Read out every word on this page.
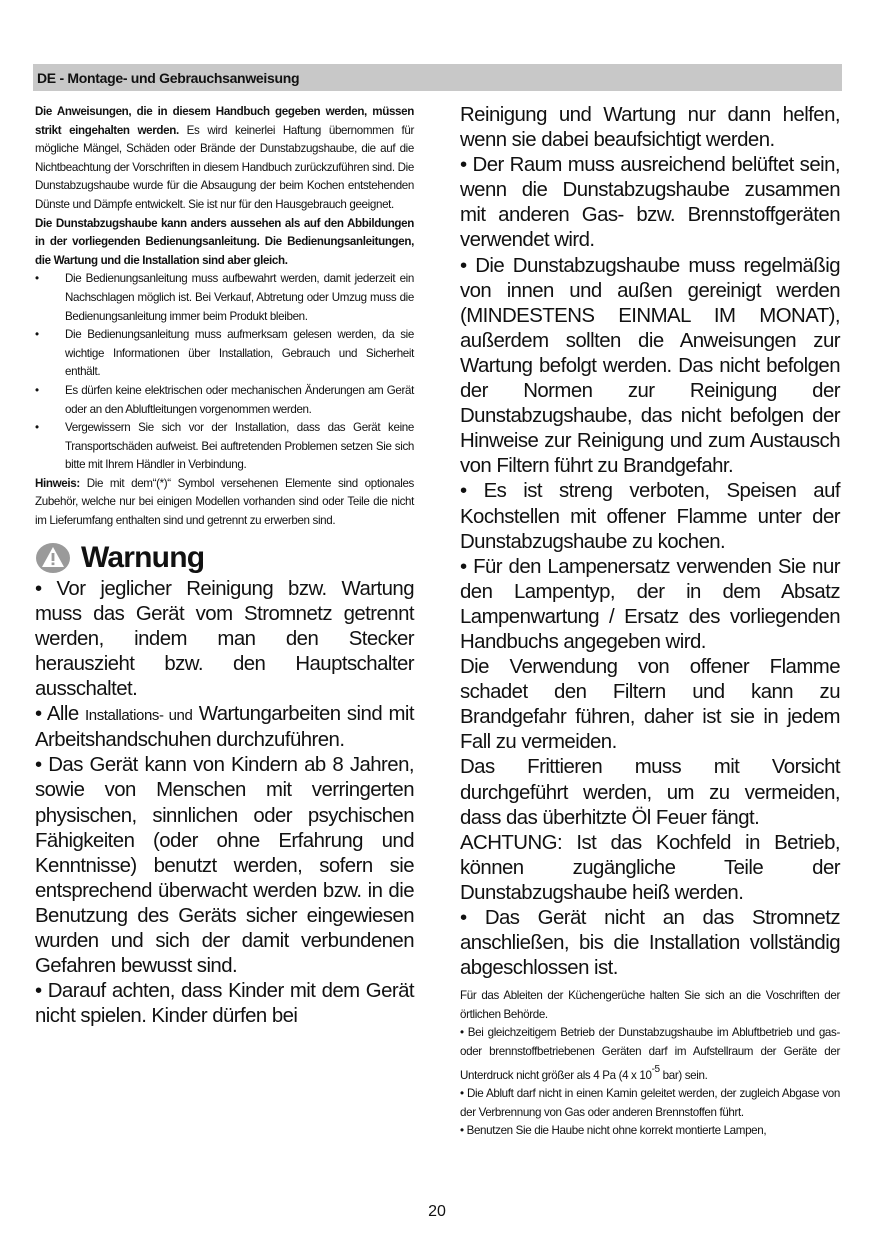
DE - Montage- und Gebrauchsanweisung

Die Anweisungen, die in diesem Handbuch gegeben werden, müssen strikt eingehalten werden. Es wird keinerlei Haftung übernommen für mögliche Mängel, Schäden oder Brände der Dunstabzugshaube, die auf die Nichtbeachtung der Vorschriften in diesem Handbuch zurückzuführen sind. Die Dunstabzugshaube wurde für die Absaugung der beim Kochen entstehenden Dünste und Dämpfe entwickelt. Sie ist nur für den Hausgebrauch geeignet.

Die Dunstabzugshaube kann anders aussehen als auf den Abbildungen in der vorliegenden Bedienungsanleitung. Die Bedienungsanleitungen, die Wartung und die Installation sind aber gleich.

• Die Bedienungsanleitung muss aufbewahrt werden, damit jederzeit ein Nachschlagen möglich ist. Bei Verkauf, Abtretung oder Umzug muss die Bedienungsanleitung immer beim Produkt bleiben.
• Die Bedienungsanleitung muss aufmerksam gelesen werden, da sie wichtige Informationen über Installation, Gebrauch und Sicherheit enthält.
• Es dürfen keine elektrischen oder mechanischen Änderungen am Gerät oder an den Abluftleitungen vorgenommen werden.
• Vergewissern Sie sich vor der Installation, dass das Gerät keine Transportschäden aufweist. Bei auftretenden Problemen setzen Sie sich bitte mit Ihrem Händler in Verbindung.

Hinweis: Die mit dem“(*)“ Symbol versehenen Elemente sind optionales Zubehör, welche nur bei einigen Modellen vorhanden sind oder Teile die nicht im Lieferumfang enthalten sind und getrennt zu erwerben sind.

Warnung

• Vor jeglicher Reinigung bzw. Wartung muss das Gerät vom Stromnetz getrennt werden, indem man den Stecker herauszieht bzw. den Hauptschalter ausschaltet.

• Alle Installations- und Wartungarbeiten sind mit Arbeitshandschuhen durchzuführen.

• Das Gerät kann von Kindern ab 8 Jahren, sowie von Menschen mit verringerten physischen, sinnlichen oder psychischen Fähigkeiten (oder ohne Erfahrung und Kenntnisse) benutzt werden, sofern sie entsprechend überwacht werden bzw. in die Benutzung des Geräts sicher eingewiesen wurden und sich der damit verbundenen Gefahren bewusst sind.

• Darauf achten, dass Kinder mit dem Gerät nicht spielen. Kinder dürfen bei

Reinigung und Wartung nur dann helfen, wenn sie dabei beaufsichtigt werden.

• Der Raum muss ausreichend belüftet sein, wenn die Dunstabzugshaube zusammen mit anderen Gas- bzw. Brennstoffgeräten verwendet wird.

• Die Dunstabzugshaube muss regelmäßig von innen und außen gereinigt werden (MINDESTENS EINMAL IM MONAT), außerdem sollten die Anweisungen zur Wartung befolgt werden. Das nicht befolgen der Normen zur Reinigung der Dunstabzugshaube, das nicht befolgen der Hinweise zur Reinigung und zum Austausch von Filtern führt zu Brandgefahr.

• Es ist streng verboten, Speisen auf Kochstellen mit offener Flamme unter der Dunstabzugshaube zu kochen.

• Für den Lampenersatz verwenden Sie nur den Lampentyp, der in dem Absatz Lampenwartung / Ersatz des vorliegenden Handbuchs angegeben wird.

Die Verwendung von offener Flamme schadet den Filtern und kann zu Brandgefahr führen, daher ist sie in jedem Fall zu vermeiden.

Das Frittieren muss mit Vorsicht durchgeführt werden, um zu vermeiden, dass das überhitzte Öl Feuer fängt.

ACHTUNG: Ist das Kochfeld in Betrieb, können zugängliche Teile der Dunstabzugshaube heiß werden.

• Das Gerät nicht an das Stromnetz anschließen, bis die Installation vollständig abgeschlossen ist.

Für das Ableiten der Küchengerüche halten Sie sich an die Voschriften der örtlichen Behörde.

• Bei gleichzeitigem Betrieb der Dunstabzugshaube im Abluftbetrieb und gas- oder brennstoffbetriebenen Geräten darf im Aufstellraum der Geräte der Unterdruck nicht größer als 4 Pa (4 x $10^{-5}$ bar) sein.

• Die Abluft darf nicht in einen Kamin geleitet werden, der zugleich Abgase von der Verbrennung von Gas oder anderen Brennstoffen führt.

• Benutzen Sie die Haube nicht ohne korrekt montierte Lampen,

20
